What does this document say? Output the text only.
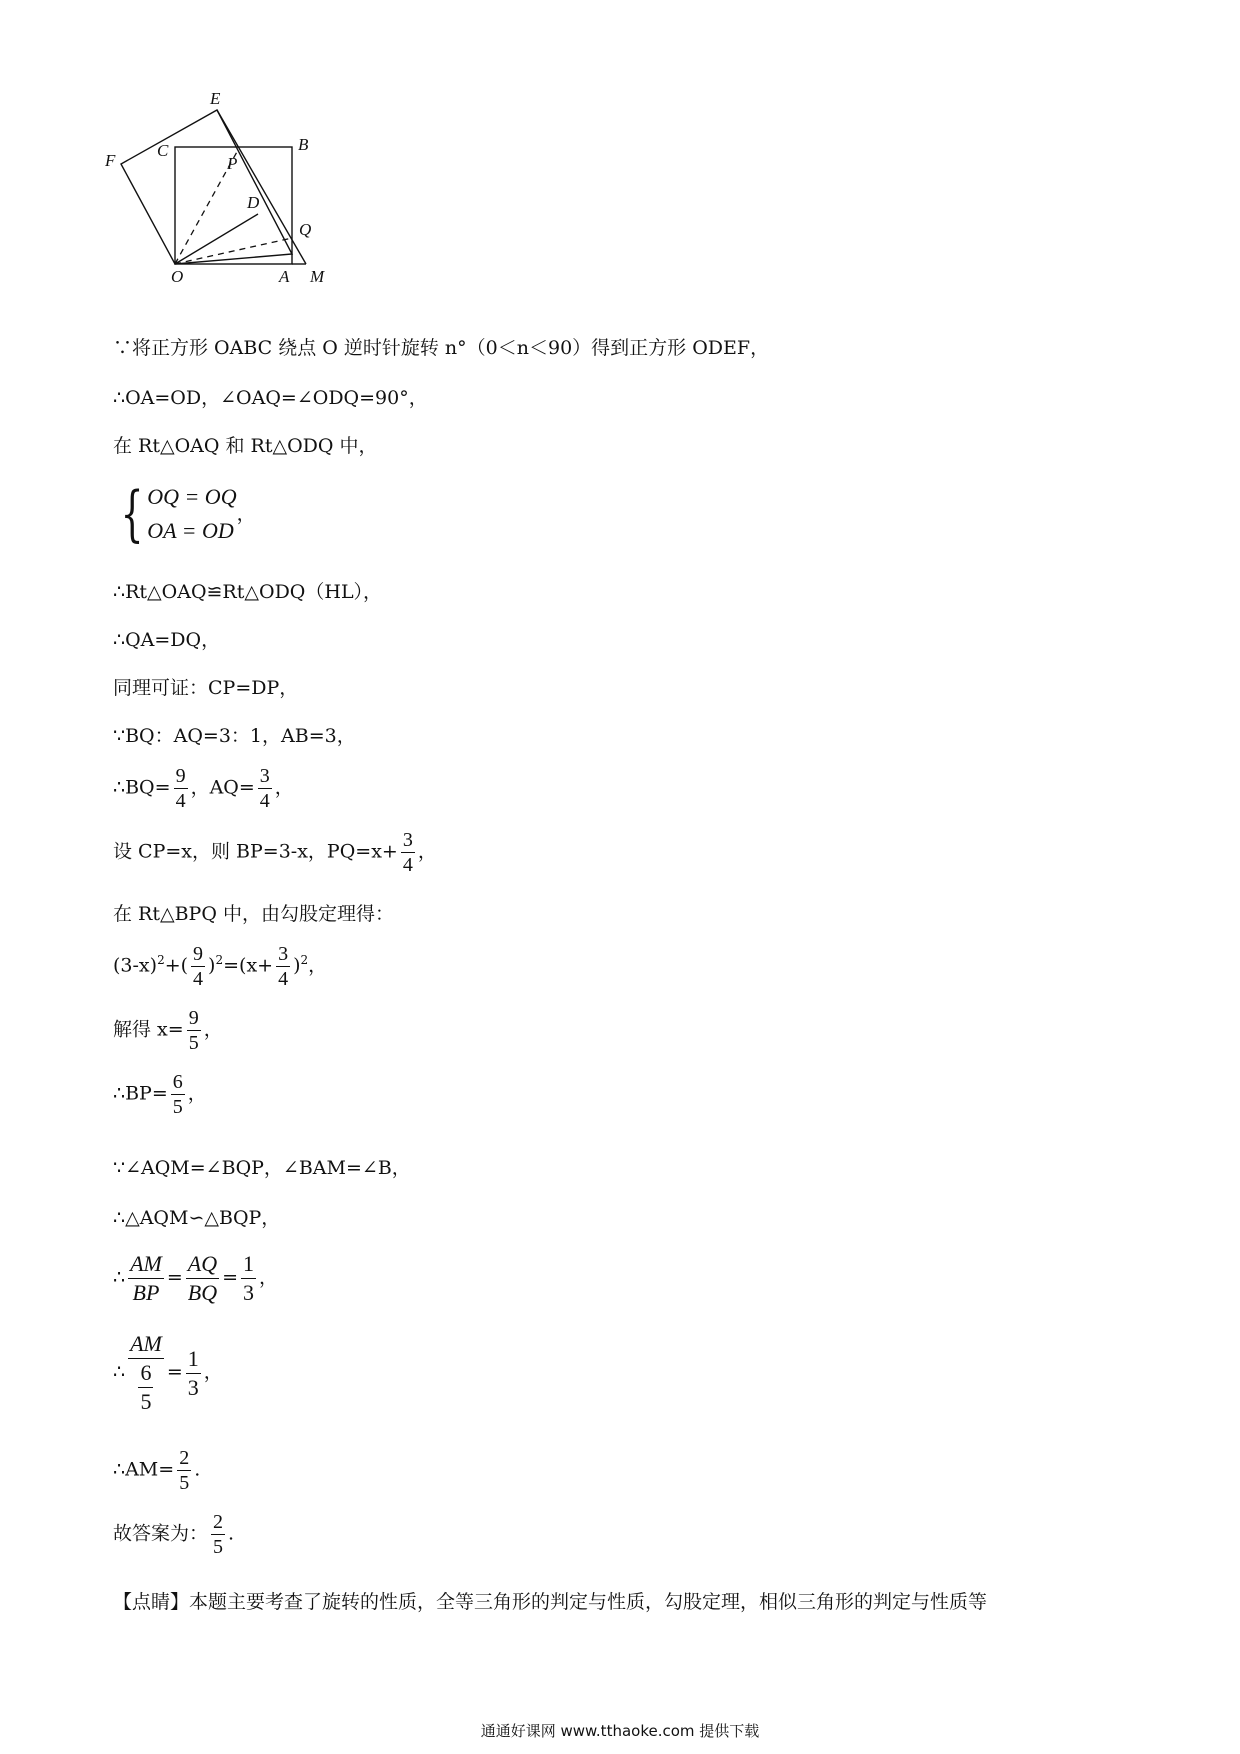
E
B
C
P
F
D
Q
O	A M
∵将正方形 OABC 绕点 O 逆时针旋转 n°（0＜n＜90）得到正方形 ODEF，
∴OA=OD，∠OAQ=∠ODQ=90°，
在 Rt△OAQ 和 Rt△ODQ 中，
{ OQ = OQ
OA = OD
，
∴Rt△OAQ≌Rt△ODQ（HL），
∴QA=DQ，
同理可证：CP=DP，
∵BQ：AQ=3：1，AB=3，
∴BQ= $\frac{9}{4}$ ，$AQ= \frac{3}{4}$ ，
设 CP=x，则 BP=3-x，$PQ=x+ \frac{3}{4}$ ，
在 Rt△BPQ 中，由勾股定理得：
$(3-x)^2+( \frac{9}{4} )^2=(x+ \frac{3}{4} )^2$，
解得 $x= \frac{9}{5}$ ，
∴BP= $\frac{6}{5}$ ，
∵∠AQM=∠BQP，∠BAM=∠B，
∴△AQM∽△BQP，
∴ $\frac{AM}{BP} = \frac{AQ}{BQ} = \frac{1}{3}$ ，
∴ $\frac{AM}{\frac{6}{5}} = \frac{1}{3}$ ，
∴AM= $\frac{2}{5}$ .
故答案为： $\frac{2}{5}$ .
【点睛】本题主要考查了旋转的性质，全等三角形的判定与性质，勾股定理，相似三角形的判定与性质等
通通好课网 www.tthaoke.com 提供下载
